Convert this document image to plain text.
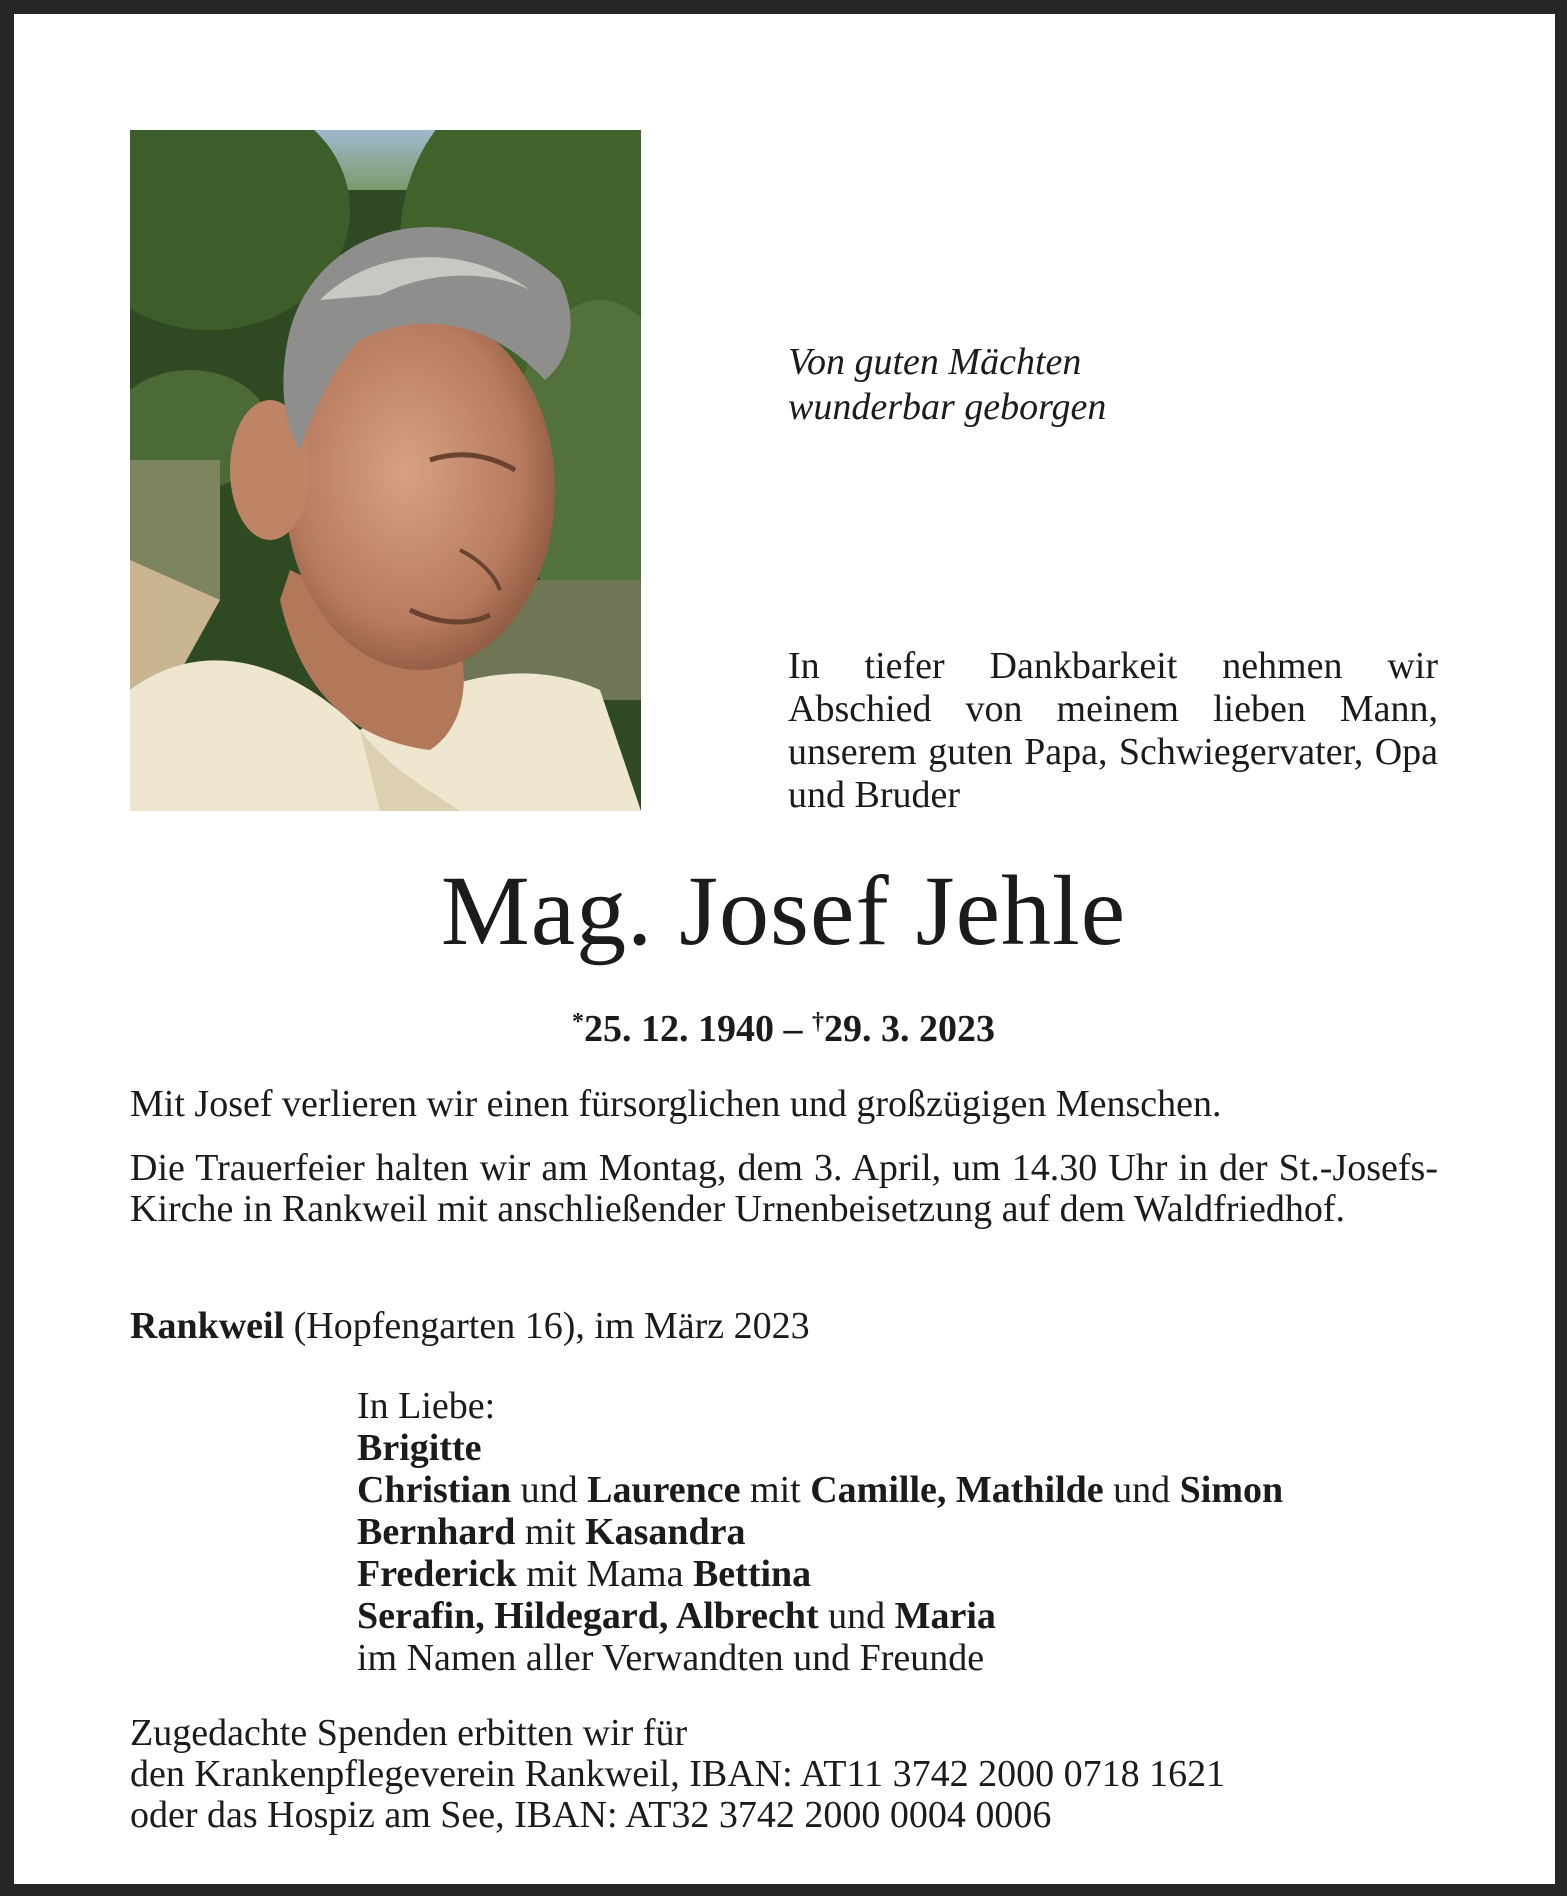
Von guten Mächten
wunderbar geborgen
In tiefer Dankbarkeit nehmen wir Abschied von meinem lieben Mann, unserem guten Papa, Schwiegervater, Opa und Bruder
Mag. Josef Jehle
*25. 12. 1940 – †29. 3. 2023
Mit Josef verlieren wir einen fürsorglichen und großzügigen Menschen.
Die Trauerfeier halten wir am Montag, dem 3. April, um 14.30 Uhr in der St.-Josefs-Kirche in Rankweil mit anschließender Urnenbeisetzung auf dem Waldfriedhof.
Rankweil (Hopfengarten 16), im März 2023
In Liebe:
Brigitte
Christian und Laurence mit Camille, Mathilde und Simon
Bernhard mit Kasandra
Frederick mit Mama Bettina
Serafin, Hildegard, Albrecht und Maria
im Namen aller Verwandten und Freunde
Zugedachte Spenden erbitten wir für
den Krankenpflegeverein Rankweil, IBAN: AT11 3742 2000 0718 1621
oder das Hospiz am See, IBAN: AT32 3742 2000 0004 0006
